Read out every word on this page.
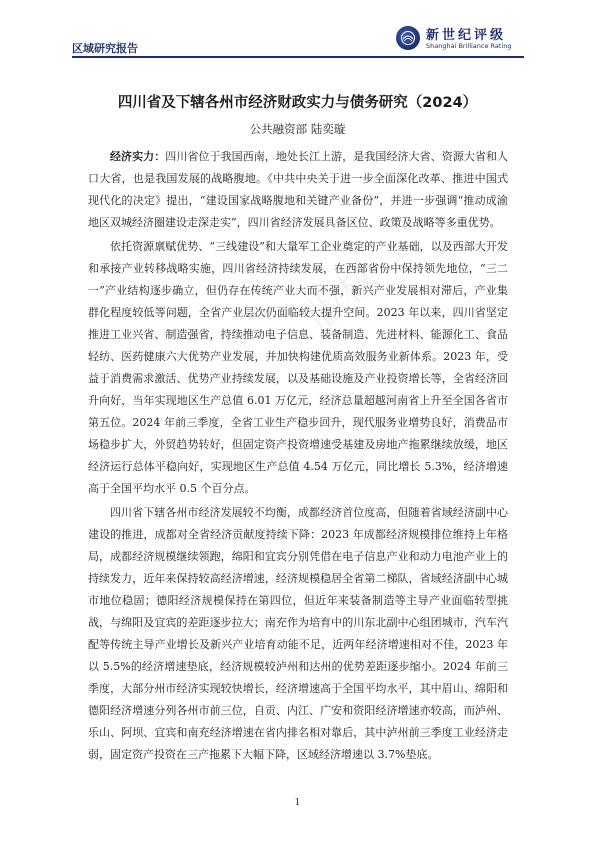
新世纪评级
Shanghai Brilliance Rating
区域研究报告
四川省及下辖各州市经济财政实力与债务研究（2024）
公共融资部 陆奕璇

经济实力：四川省位于我国西南，地处长江上游，是我国经济大省、资源大省和人口大省，也是我国发展的战略腹地。《中共中央关于进一步全面深化改革、推进中国式现代化的决定》提出，“建设国家战略腹地和关键产业备份”，并进一步强调“推动成渝地区双城经济圈建设走深走实”，四川省经济发展具备区位、政策及战略等多重优势。

依托资源禀赋优势、“三线建设”和大量军工企业奠定的产业基础，以及西部大开发和承接产业转移战略实施，四川省经济持续发展，在西部省份中保持领先地位，“三二一”产业结构逐步确立，但仍存在传统产业大而不强，新兴产业发展相对滞后，产业集群化程度较低等问题，全省产业层次仍面临较大提升空间。2023 年以来，四川省坚定推进工业兴省、制造强省，持续推动电子信息、装备制造、先进材料、能源化工、食品轻纺、医药健康六大优势产业发展，并加快构建优质高效服务业新体系。2023 年，受益于消费需求激活、优势产业持续发展，以及基础设施及产业投资增长等，全省经济回升向好，当年实现地区生产总值 6.01 万亿元，经济总量超越河南省上升至全国各省市第五位。2024 年前三季度，全省工业生产稳步回升，现代服务业增势良好，消费品市场稳步扩大，外贸趋势转好，但固定资产投资增速受基建及房地产拖累继续放缓，地区经济运行总体平稳向好，实现地区生产总值 4.54 万亿元，同比增长 5.3%，经济增速高于全国平均水平 0.5 个百分点。

四川省下辖各州市经济发展较不均衡，成都经济首位度高，但随着省域经济副中心建设的推进，成都对全省经济贡献度持续下降：2023 年成都经济规模排位维持上年格局，成都经济规模继续领跑，绵阳和宜宾分别凭借在电子信息产业和动力电池产业上的持续发力，近年来保持较高经济增速，经济规模稳居全省第二梯队，省域经济副中心城市地位稳固；德阳经济规模保持在第四位，但近年来装备制造等主导产业面临转型挑战，与绵阳及宜宾的差距逐步拉大；南充作为培育中的川东北副中心组团城市，汽车汽配等传统主导产业增长及新兴产业培育动能不足，近两年经济增速相对不佳，2023 年以 5.5%的经济增速垫底，经济规模较泸州和达州的优势差距逐步缩小。2024 年前三季度，大部分州市经济实现较快增长，经济增速高于全国平均水平，其中眉山、绵阳和德阳经济增速分列各州市前三位，自贡、内江、广安和资阳经济增速亦较高，而泸州、乐山、阿坝、宜宾和南充经济增速在省内排名相对靠后，其中泸州前三季度工业经济走弱，固定资产投资在三产拖累下大幅下降，区域经济增速以 3.7%垫底。

版权
1
